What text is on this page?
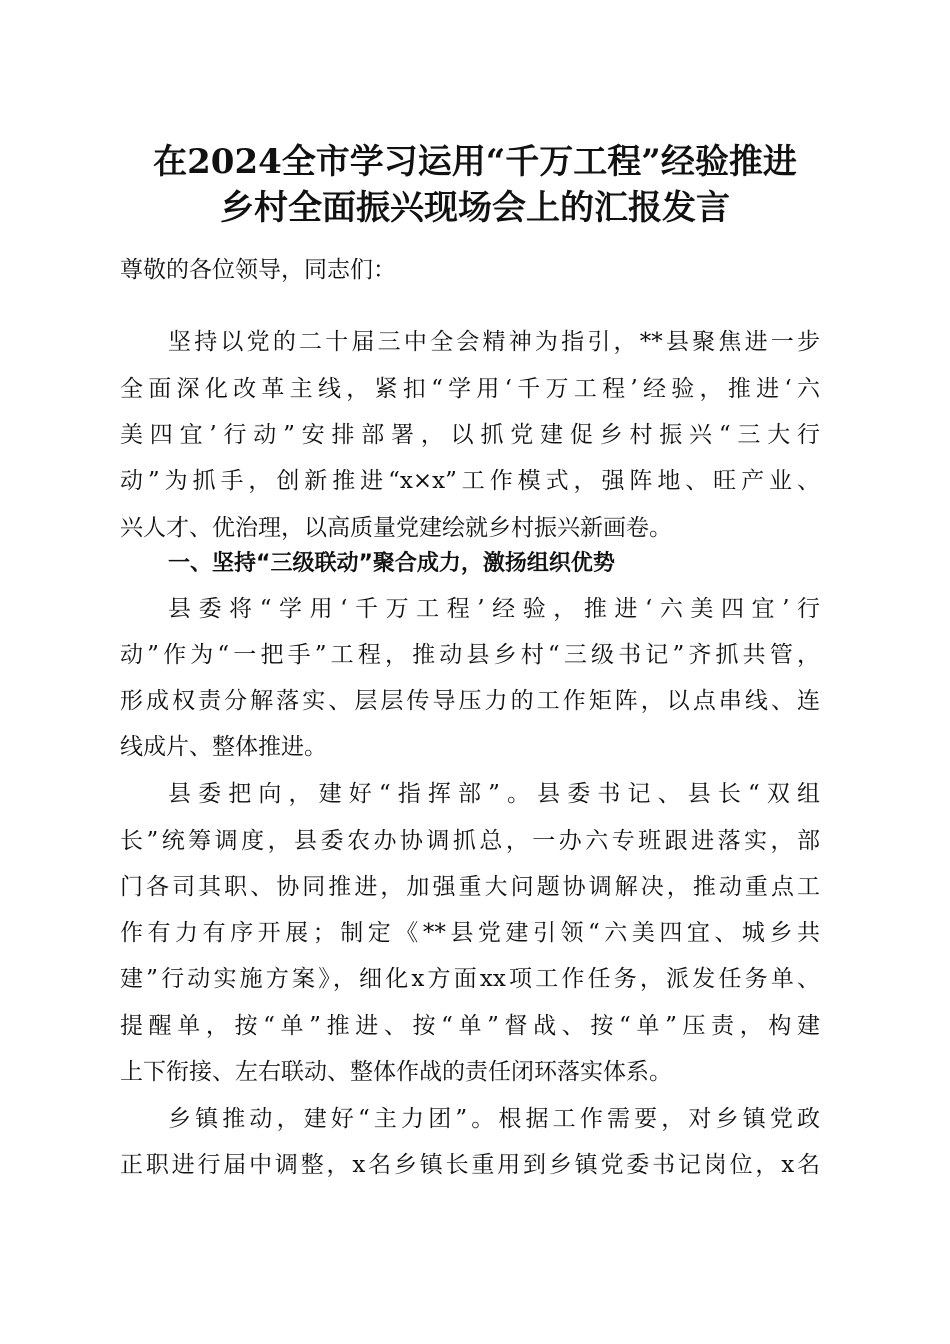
在2024全市学习运用“千万工程”经验推进
乡村全面振兴现场会上的汇报发言
尊敬的各位领导，同志们：
坚持以党的二十届三中全会精神为指引，**县聚焦进一步
全面深化改革主线，紧扣“学用‘千万工程’经验，推进‘六
美四宜’行动”安排部署，以抓党建促乡村振兴“三大行
动”为抓手，创新推进“x×x”工作模式，强阵地、旺产业、
兴人才、优治理，以高质量党建绘就乡村振兴新画卷。
一、坚持“三级联动”聚合成力，激扬组织优势
县委将“学用‘千万工程’经验，推进‘六美四宜’行
动”作为“一把手”工程，推动县乡村“三级书记”齐抓共管，
形成权责分解落实、层层传导压力的工作矩阵，以点串线、连
线成片、整体推进。
县委把向，建好“指挥部”。县委书记、县长“双组
长”统筹调度，县委农办协调抓总，一办六专班跟进落实，部
门各司其职、协同推进，加强重大问题协调解决，推动重点工
作有力有序开展；制定《**县党建引领“六美四宜、城乡共
建”行动实施方案》，细化x方面xx项工作任务，派发任务单、
提醒单，按“单”推进、按“单”督战、按“单”压责，构建
上下衔接、左右联动、整体作战的责任闭环落实体系。
乡镇推动，建好“主力团”。根据工作需要，对乡镇党政
正职进行届中调整，x名乡镇长重用到乡镇党委书记岗位，x名
